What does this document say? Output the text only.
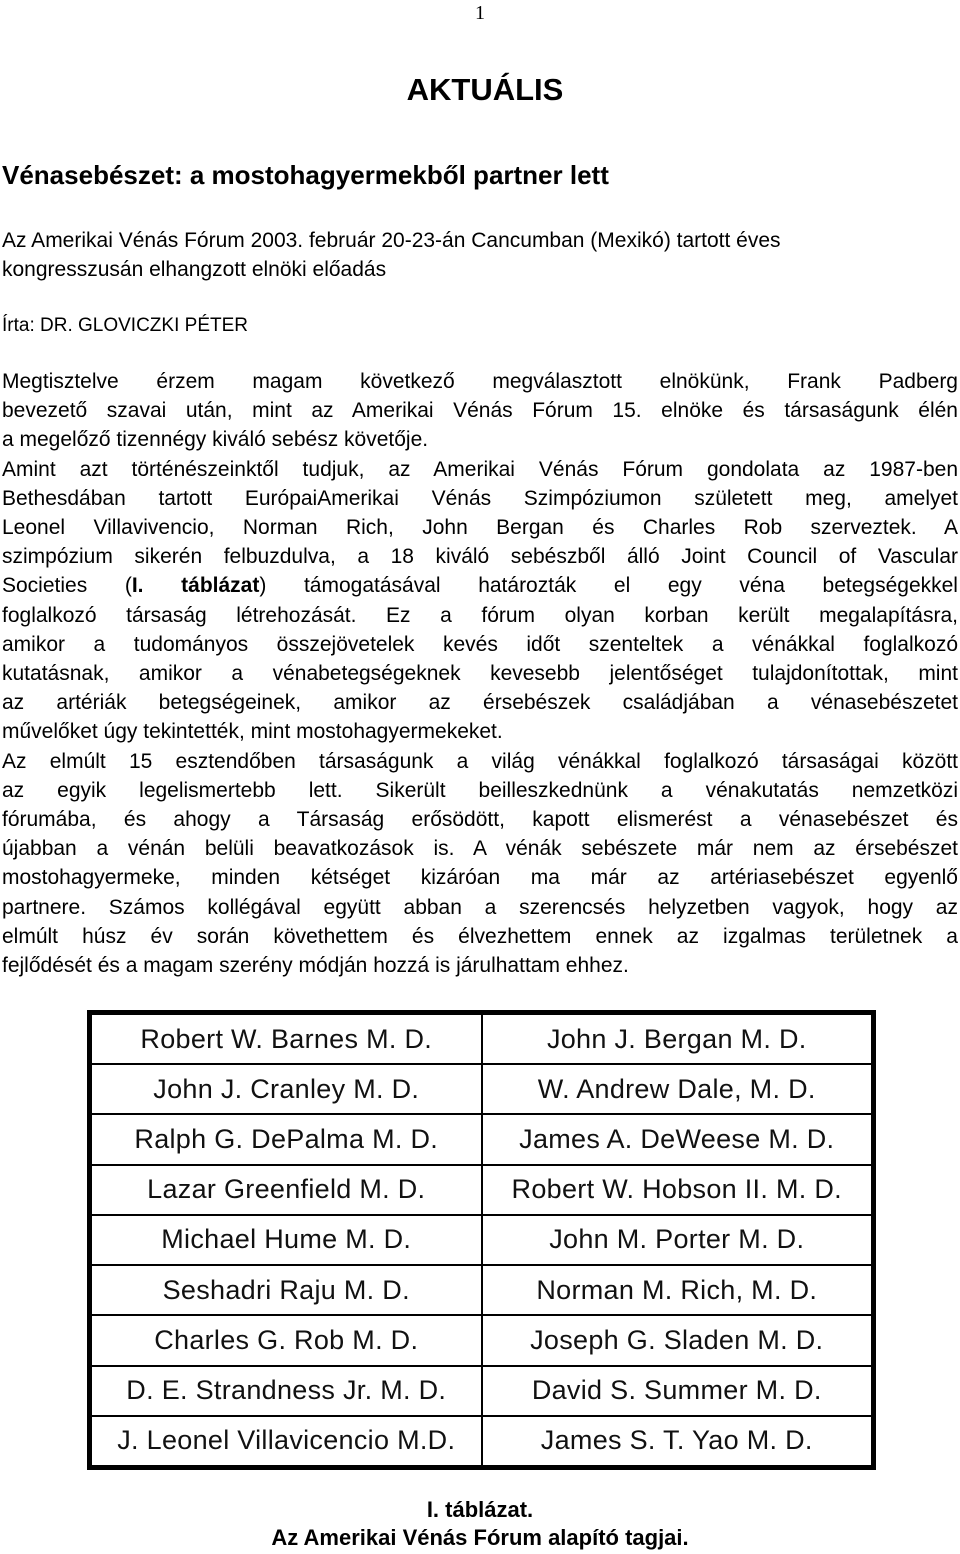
1
AKTUÁLIS
Vénasebészet: a mostohagyermekből partner lett
Az Amerikai Vénás Fórum 2003. február 20-23-án Cancumban (Mexikó) tartott éves
kongresszusán elhangzott elnöki előadás
Írta: DR. GLOVICZKI PÉTER

Megtisztelve érzem magam következő megválasztott elnökünk, Frank Padberg
bevezető szavai után, mint az Amerikai Vénás Fórum 15. elnöke és társaságunk élén
a megelőző tizennégy kiváló sebész követője.

Amint azt történészeinktől tudjuk, az Amerikai Vénás Fórum gondolata az 1987-ben
Bethesdában tartott EurópaiAmerikai Vénás Szimpóziumon született meg, amelyet
Leonel Villavivencio, Norman Rich, John Bergan és Charles Rob szerveztek. A
szimpózium sikerén felbuzdulva, a 18 kiváló sebészből álló Joint Council of Vascular
Societies (I. táblázat) támogatásával határozták el egy véna betegségekkel
foglalkozó társaság létrehozását. Ez a fórum olyan korban került megalapításra,
amikor a tudományos összejövetelek kevés időt szenteltek a vénákkal foglalkozó
kutatásnak, amikor a vénabetegségeknek kevesebb jelentőséget tulajdonítottak, mint
az artériák betegségeinek, amikor az érsebészek családjában a vénasebészetet
művelőket úgy tekintették, mint mostohagyermekeket.

Az elmúlt 15 esztendőben társaságunk a világ vénákkal foglalkozó társaságai között
az egyik legelismertebb lett. Sikerült beilleszkednünk a vénakutatás nemzetközi
fórumába, és ahogy a Társaság erősödött, kapott elismerést a vénasebészet és
újabban a vénán belüli beavatkozások is. A vénák sebészete már nem az érsebészet
mostohagyermeke, minden kétséget kizáróan ma már az artériasebészet egyenlő
partnere. Számos kollégával együtt abban a szerencsés helyzetben vagyok, hogy az
elmúlt húsz év során követhettem és élvezhettem ennek az izgalmas területnek a
fejlődését és a magam szerény módján hozzá is járulhattam ehhez.

Robert W. Barnes M. D.	John J. Bergan M. D.
John J. Cranley M. D.	W. Andrew Dale, M. D.
Ralph G. DePalma M. D.	James A. DeWeese M. D.
Lazar Greenfield M. D.	Robert W. Hobson II. M. D.
Michael Hume M. D.	John M. Porter M. D.
Seshadri Raju M. D.	Norman M. Rich, M. D.
Charles G. Rob M. D.	Joseph G. Sladen M. D.
D. E. Strandness Jr. M. D.	David S. Summer M. D.
J. Leonel Villavicencio M.D.	James S. T. Yao M. D.
I. táblázat.
Az Amerikai Vénás Fórum alapító tagjai.
